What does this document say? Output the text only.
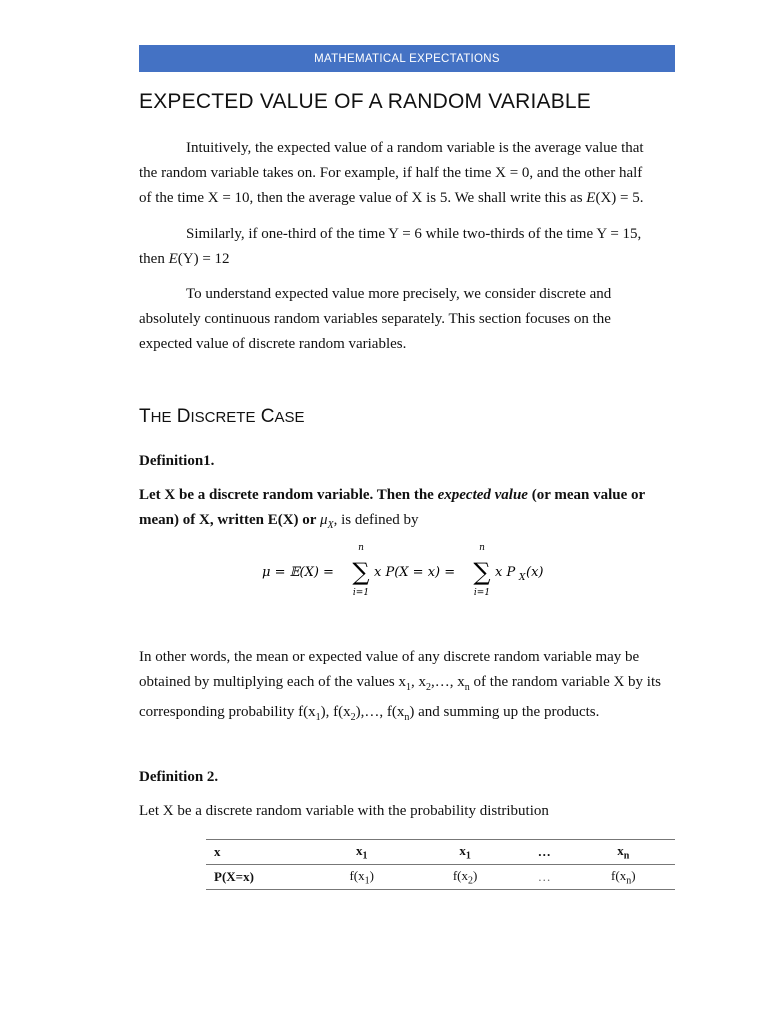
MATHEMATICAL EXPECTATIONS
EXPECTED VALUE OF A RANDOM VARIABLE
Intuitively, the expected value of a random variable is the average value that
the random variable takes on. For example, if half the time X = 0, and the other half
of the time X = 10, then the average value of X is 5. We shall write this as E(X) = 5.
Similarly, if one-third of the time Y = 6 while two-thirds of the time Y = 15,
then E(Y) = 12
To understand expected value more precisely, we consider discrete and
absolutely continuous random variables separately. This section focuses on the
expected value of discrete random variables.
THE DISCRETE CASE
Definition1.
Let X be a discrete random variable. Then the expected value (or mean value or
mean) of X, written E(X) or $\mu_X$, is defined by
μ = 𝔼(X) =
n
∑
i=1
x P(X = x) =
n
∑
i=1
x P X (x)
In other words, the mean or expected value of any discrete random variable may be
obtained by multiplying each of the values $x_1$, $x_2,\dots$, $x_n$ of the random variable X by its
corresponding probability $f(x_1)$, $f(x_2),\dots$, $f(x_n)$ and summing up the products.
Definition 2.
Let X be a discrete random variable with the probability distribution
x	$x_1$	$x_1$	…	$x_n$
P(X=x)	$f(x_1)$	$f(x_2)$	…	$f(x_n)$
